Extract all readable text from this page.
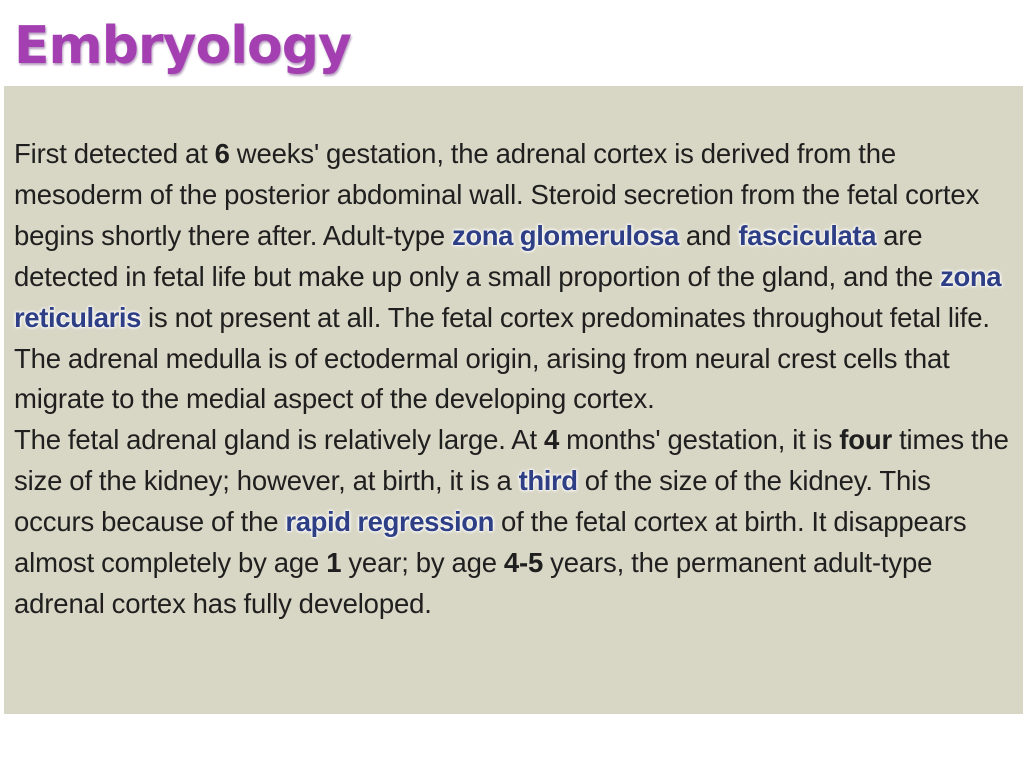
Embryology

First detected at 6 weeks' gestation, the adrenal cortex is derived from the mesoderm of the posterior abdominal wall. Steroid secretion from the fetal cortex begins shortly there after. Adult-type zona glomerulosa and fasciculata are detected in fetal life but make up only a small proportion of the gland, and the zona reticularis is not present at all. The fetal cortex predominates throughout fetal life. The adrenal medulla is of ectodermal origin, arising from neural crest cells that migrate to the medial aspect of the developing cortex.
The fetal adrenal gland is relatively large. At 4 months' gestation, it is four times the size of the kidney; however, at birth, it is a third of the size of the kidney. This occurs because of the rapid regression of the fetal cortex at birth. It disappears almost completely by age 1 year; by age 4-5 years, the permanent adult-type adrenal cortex has fully developed.
